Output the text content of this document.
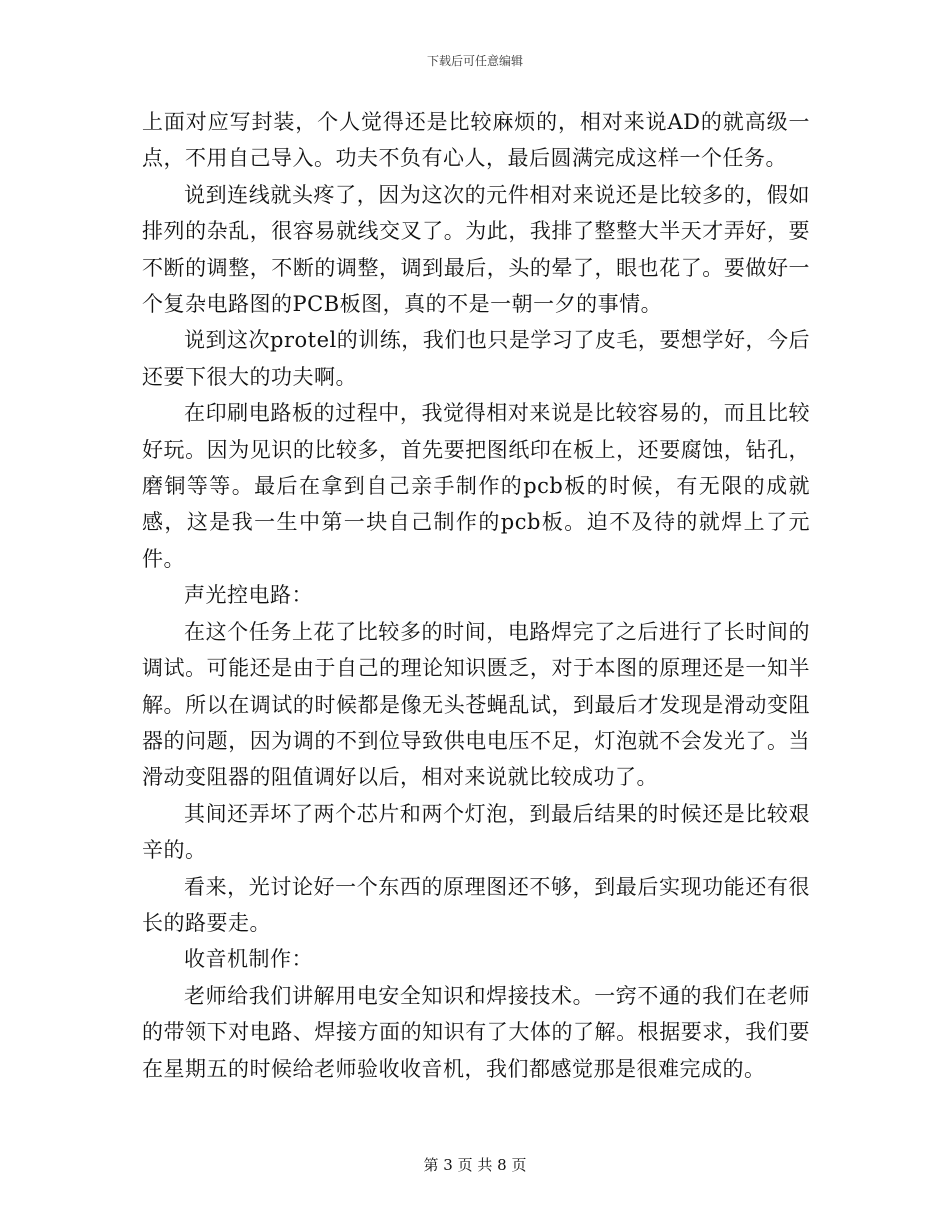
下载后可任意编辑

上面对应写封装，个人觉得还是比较麻烦的，相对来说AD的就高级一点，不用自己导入。功夫不负有心人，最后圆满完成这样一个任务。

说到连线就头疼了，因为这次的元件相对来说还是比较多的，假如排列的杂乱，很容易就线交叉了。为此，我排了整整大半天才弄好，要不断的调整，不断的调整，调到最后，头的晕了，眼也花了。要做好一个复杂电路图的PCB板图，真的不是一朝一夕的事情。

说到这次protel的训练，我们也只是学习了皮毛，要想学好，今后还要下很大的功夫啊。

在印刷电路板的过程中，我觉得相对来说是比较容易的，而且比较好玩。因为见识的比较多，首先要把图纸印在板上，还要腐蚀，钻孔，磨铜等等。最后在拿到自己亲手制作的pcb板的时候，有无限的成就感，这是我一生中第一块自己制作的pcb板。迫不及待的就焊上了元件。

声光控电路：

在这个任务上花了比较多的时间，电路焊完了之后进行了长时间的调试。可能还是由于自己的理论知识匮乏，对于本图的原理还是一知半解。所以在调试的时候都是像无头苍蝇乱试，到最后才发现是滑动变阻器的问题，因为调的不到位导致供电电压不足，灯泡就不会发光了。当滑动变阻器的阻值调好以后，相对来说就比较成功了。

其间还弄坏了两个芯片和两个灯泡，到最后结果的时候还是比较艰辛的。

看来，光讨论好一个东西的原理图还不够，到最后实现功能还有很长的路要走。

收音机制作：

老师给我们讲解用电安全知识和焊接技术。一窍不通的我们在老师的带领下对电路、焊接方面的知识有了大体的了解。根据要求，我们要在星期五的时候给老师验收收音机，我们都感觉那是很难完成的。

第 3 页 共 8 页
